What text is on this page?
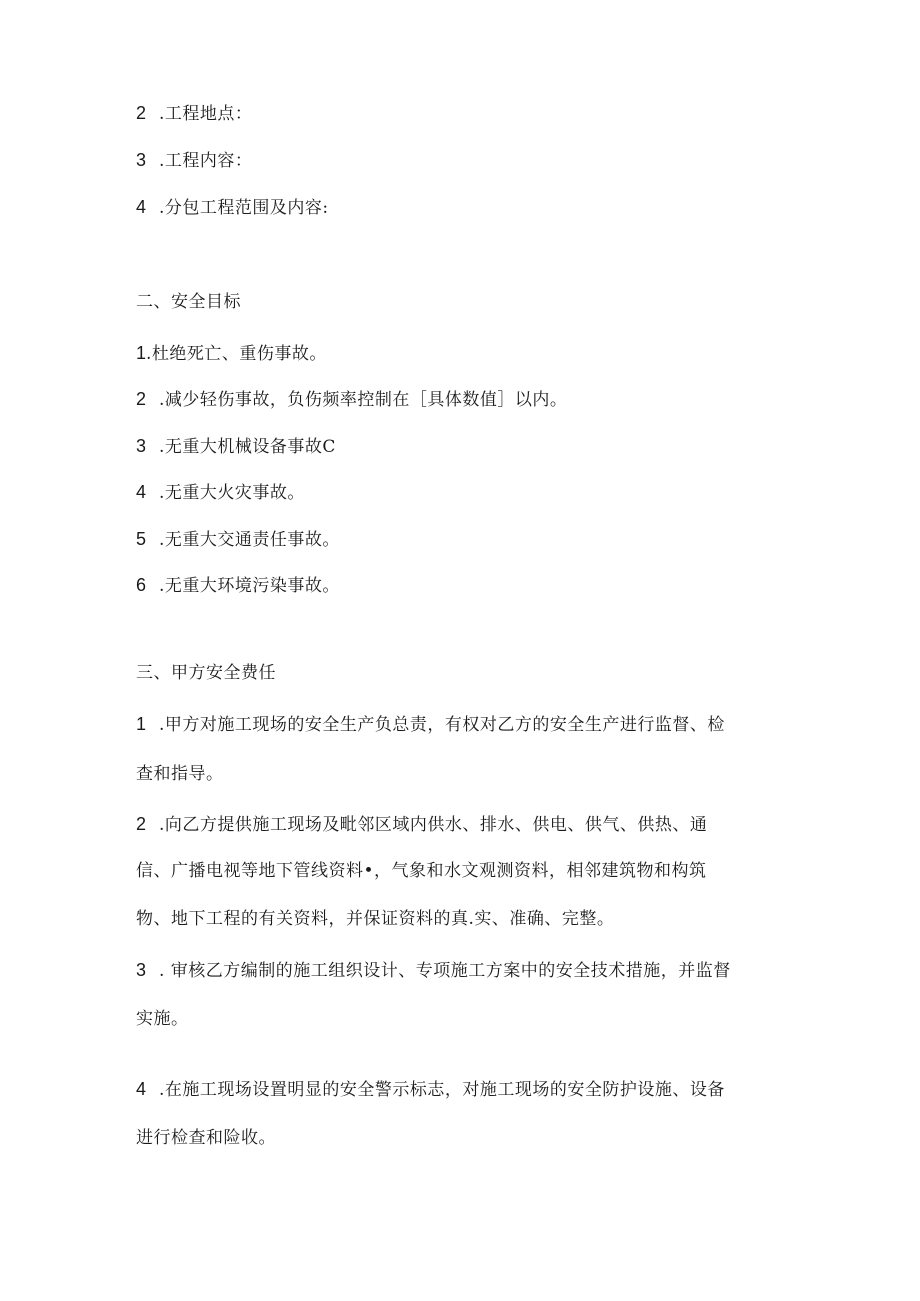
2 .工程地点：
3 .工程内容：
4 .分包工程范围及内容:
二、安全目标
1.杜绝死亡、重伤事故。
2 .减少轻伤事故，负伤频率控制在［具体数值］以内。
3 .无重大机械设备事故C
4 .无重大火灾事故。
5 .无重大交通责任事故。
6 .无重大环境污染事故。
三、甲方安全费任
1 .甲方对施工现场的安全生产负总责，有权对乙方的安全生产进行监督、检
查和指导。
2 .向乙方提供施工现场及毗邻区域内供水、排水、供电、供气、供热、通
信、广播电视等地下管线资料•，气象和水文观测资料，相邻建筑物和构筑
物、地下工程的有关资料，并保证资料的真.实、准确、完整。
3 . 审核乙方编制的施工组织设计、专项施工方案中的安全技术措施，并监督
实施。
4 .在施工现场设置明显的安全警示标志，对施工现场的安全防护设施、设备
进行检查和险收。
